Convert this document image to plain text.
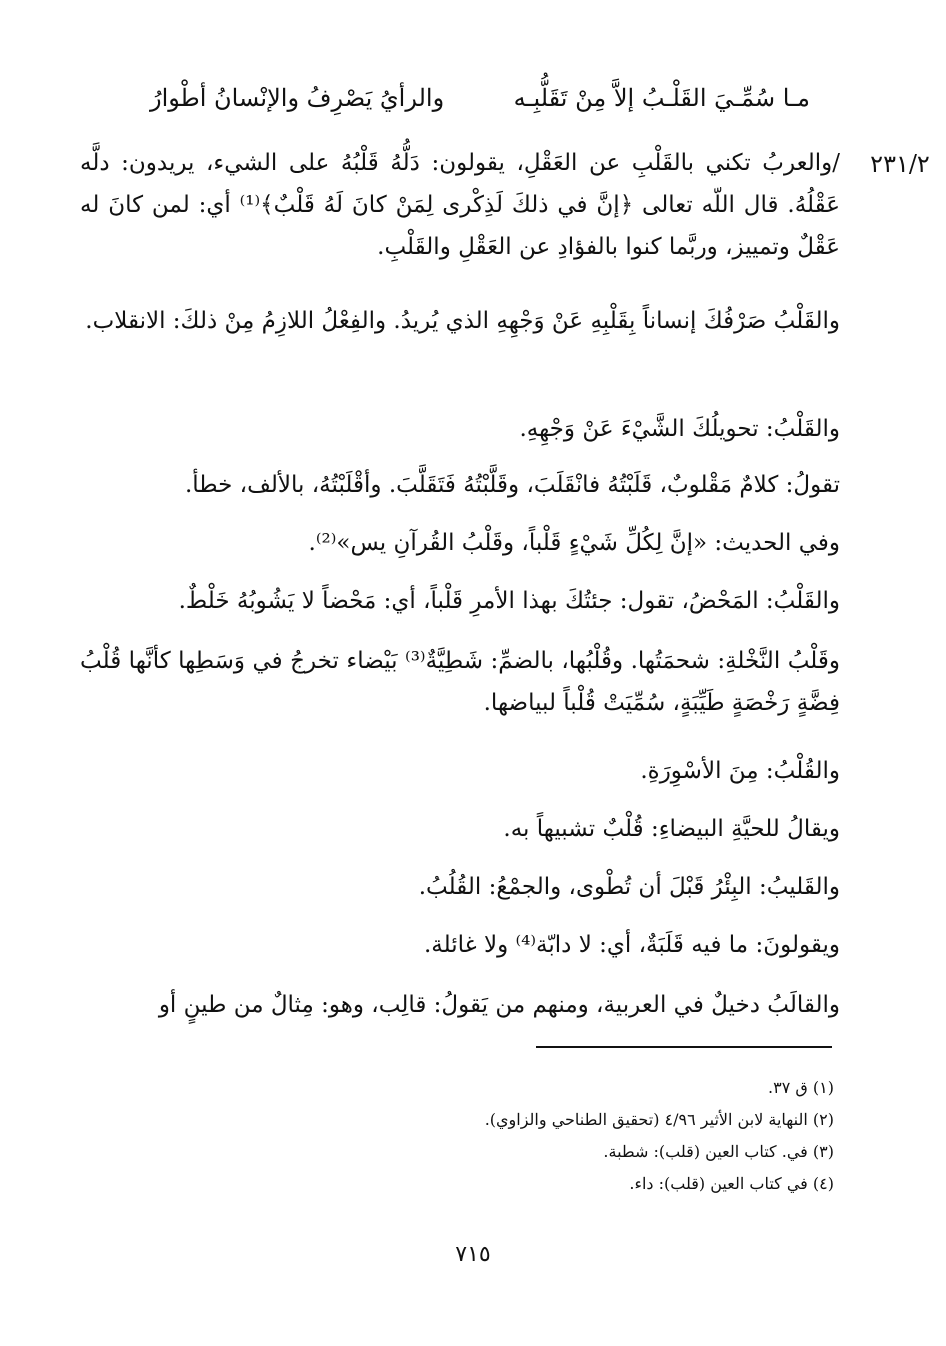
مـا سُمِّـيَ القَلْـبُ إلاَّ مِنْ تَقَلُّبِـه
والرأيُ يَصْرِفُ والإنْسانُ أطْوارُ
٢٣١/٢
/والعربُ تكني بالقَلْبِ عن العَقْلِ، يقولون: دَلُّهُ قَلْبُهُ على الشيء، يريدون: دلَّه عَقْلُهُ. قال اللّه تعالى ﴿إنَّ في ذلكَ لَذِكْرى لِمَنْ كانَ لَهُ قَلْبٌ﴾⁽¹⁾ أي: لمن كانَ له عَقْلٌ وتمييز، وربَّما كنوا بالفؤادِ عن العَقْلِ والقَلْبِ.
والقَلْبُ صَرْفُكَ إنساناً بِقَلْبِهِ عَنْ وَجْهِهِ الذي يُريدُ. والفِعْلُ اللازِمُ مِنْ ذلكَ: الانقلاب.
والقَلْبُ: تحويلُكَ الشَّيْءَ عَنْ وَجْهِهِ.
تقولُ: كلامٌ مَقْلوبٌ، قَلَبْتُهُ فانْقَلَبَ، وقَلَّبْتُهُ فَتَقَلَّبَ. وأقْلَبْتُهُ، بالألف، خطأ.
وفي الحديث: «إنَّ لِكُلِّ شَيْءٍ قَلْباً، وقَلْبُ القُرآنِ يس»⁽²⁾.
والقَلْبُ: المَحْضُ، تقول: جئتُكَ بهذا الأمرِ قَلْباً، أي: مَحْضاً لا يَشُوبُهُ خَلْطٌ.
وقَلْبُ النَّخْلةِ: شحمَتُها. وقُلْبُها، بالضمِّ: شَطِيَّةٌ⁽³⁾ بَيْضاء تخرجُ في وَسَطِها كأنَّها قُلْبُ فِضَّةٍ رَخْصَةٍ طَيِّبَةٍ، سُمِّيَتْ قُلْباً لبياضها.
والقُلْبُ: مِنَ الأسْوِرَةِ.
ويقالُ للحيَّةِ البيضاءِ: قُلْبٌ تشبيهاً به.
والقَليبُ: البِئْرُ قَبْلَ أن تُطْوى، والجمْعُ: القُلُبُ.
ويقولونَ: ما فيه قَلَبَةٌ، أي: لا دابّة⁽⁴⁾ ولا غائلة.
والقالَبُ دخيلٌ في العربية، ومنهم من يَقولُ: قالِب، وهو: مِثالٌ من طينٍ أو
(١) ق ٣٧.
(٢) النهاية لابن الأثير ٤/٩٦ (تحقيق الطناحي والزاوي).
(٣) في. كتاب العين (قلب): شطبة.
(٤) في كتاب العين (قلب): داء.
٧١٥
